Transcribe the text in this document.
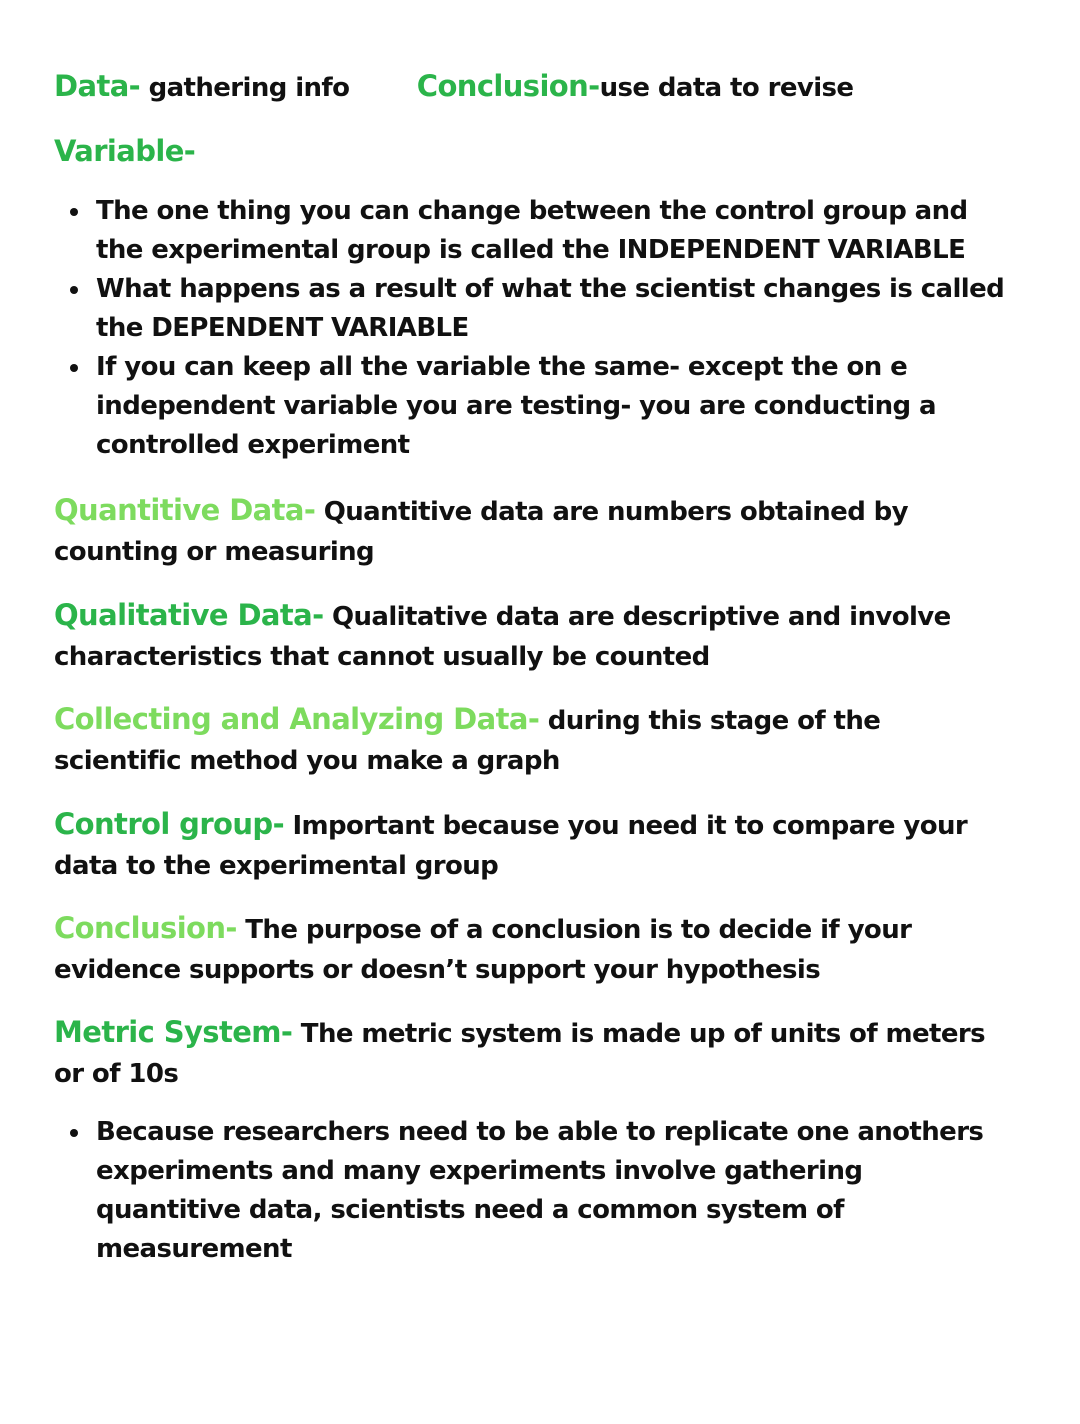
Data- gathering info Conclusion-use data to revise
Variable-
The one thing you can change between the control group and the experimental group is called the INDEPENDENT VARIABLE
What happens as a result of what the scientist changes is called the DEPENDENT VARIABLE
If you can keep all the variable the same- except the on e independent variable you are testing- you are conducting a controlled experiment
Quantitive Data- Quantitive data are numbers obtained by counting or measuring
Qualitative Data- Qualitative data are descriptive and involve characteristics that cannot usually be counted
Collecting and Analyzing Data- during this stage of the scientific method you make a graph
Control group- Important because you need it to compare your data to the experimental group
Conclusion- The purpose of a conclusion is to decide if your evidence supports or doesn’t support your hypothesis
Metric System- The metric system is made up of units of meters or of 10s
Because researchers need to be able to replicate one anothers experiments and many experiments involve gathering quantitive data, scientists need a common system of measurement
